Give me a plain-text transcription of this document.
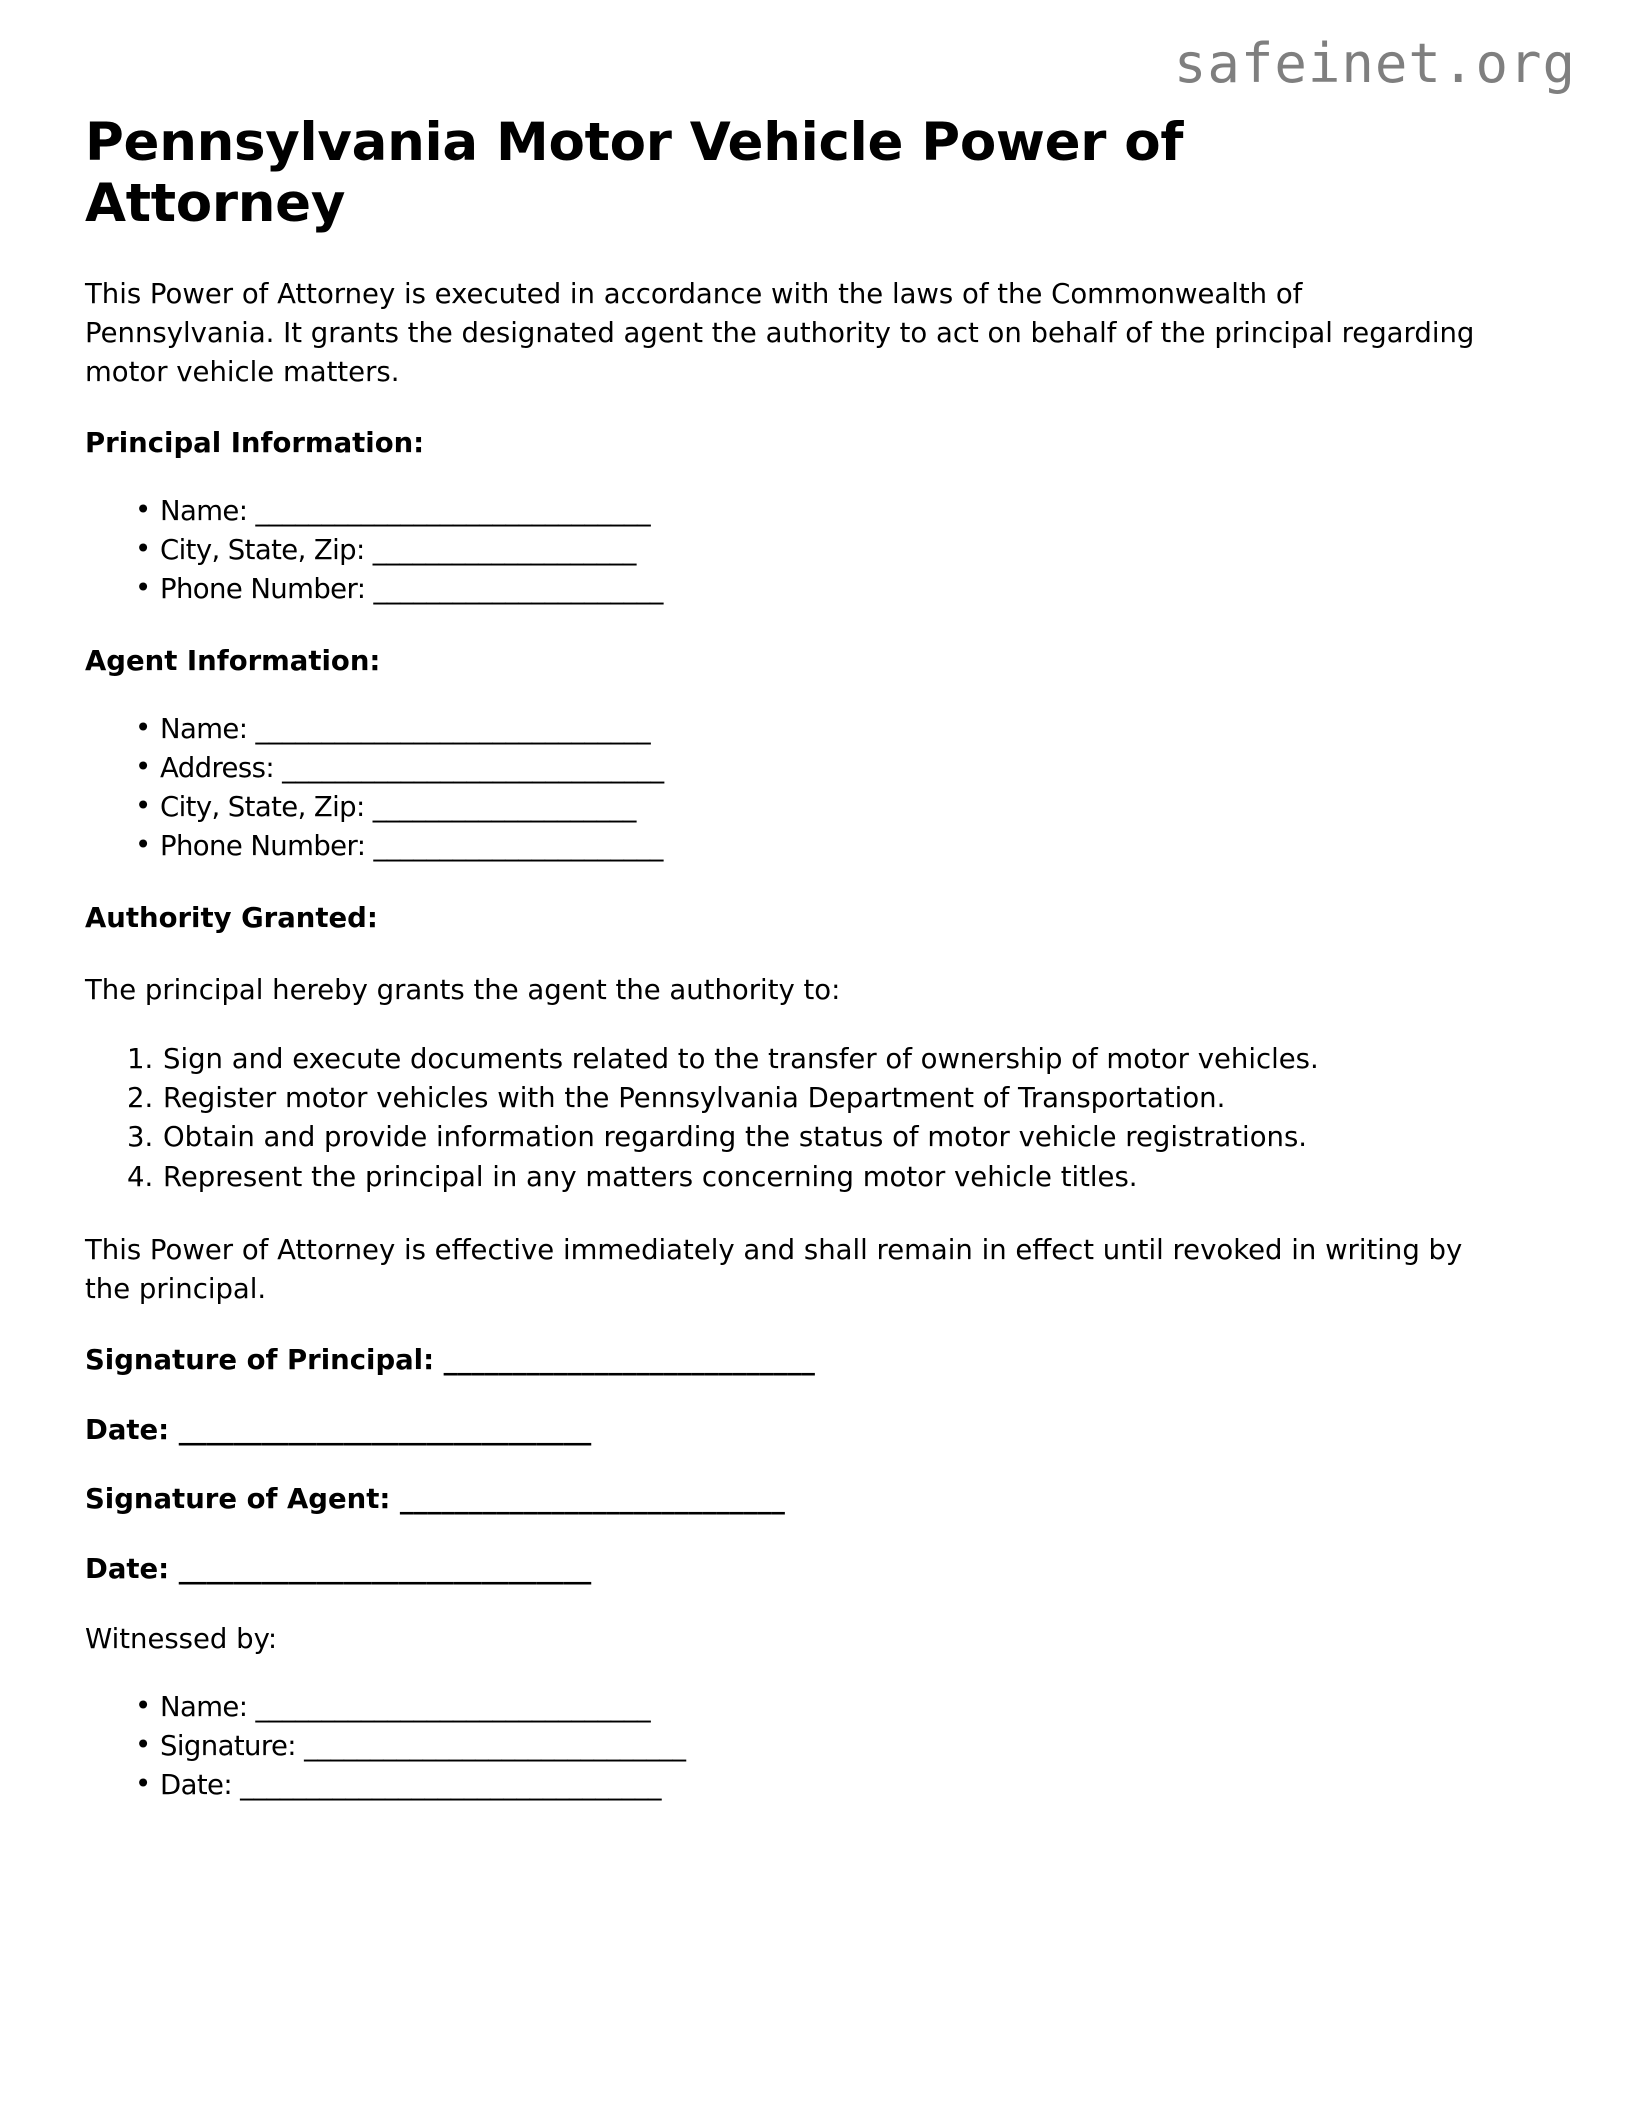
safeinet.org
Pennsylvania Motor Vehicle Power of Attorney

This Power of Attorney is executed in accordance with the laws of the Commonwealth of Pennsylvania. It grants the designated agent the authority to act on behalf of the principal regarding motor vehicle matters.

Principal Information:
• Name: ______________________________
• City, State, Zip: ____________________
• Phone Number: ______________________
Agent Information:
• Name: ______________________________
• Address: _____________________________
• City, State, Zip: ____________________
• Phone Number: ______________________
Authority Granted:

The principal hereby grants the agent the authority to:

Sign and execute documents related to the transfer of ownership of motor vehicles.
Register motor vehicles with the Pennsylvania Department of Transportation.
Obtain and provide information regarding the status of motor vehicle registrations.
Represent the principal in any matters concerning motor vehicle titles.

This Power of Attorney is effective immediately and shall remain in effect until revoked in writing by the principal.

Signature of Principal: ___________________________

Date: ______________________________

Signature of Agent: ____________________________

Date: ______________________________

Witnessed by:

• Name: ______________________________
• Signature: _____________________________
• Date: ________________________________
